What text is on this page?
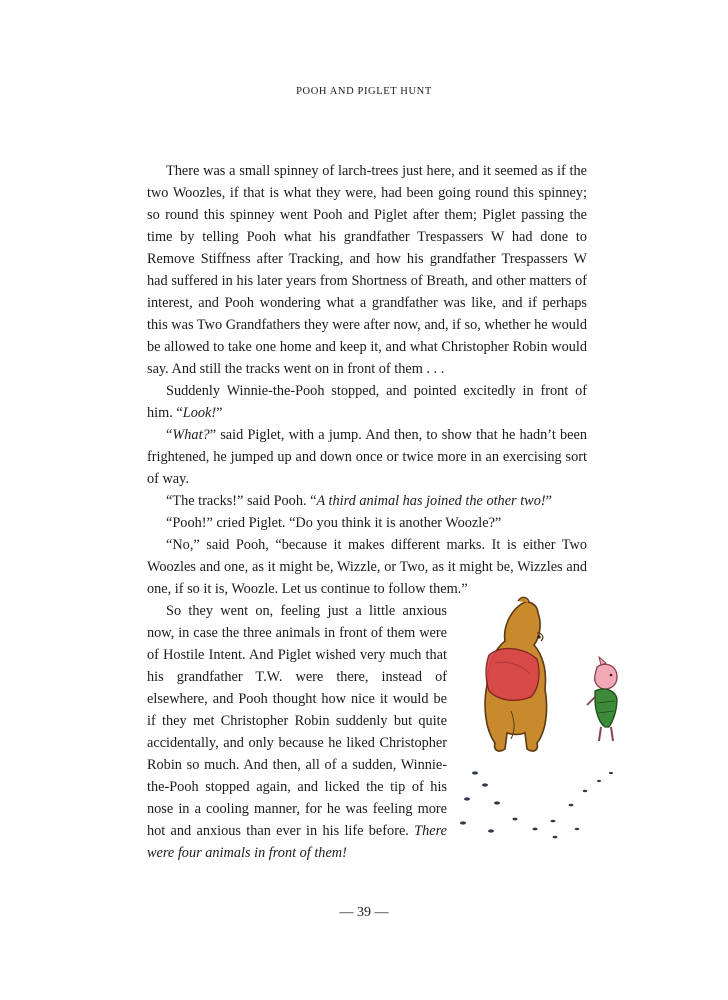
POOH AND PIGLET HUNT

There was a small spinney of larch-trees just here, and it seemed as if the two Woozles, if that is what they were, had been going round this spinney; so round this spinney went Pooh and Piglet after them; Piglet passing the time by telling Pooh what his grandfather Trespassers W had done to Remove Stiffness after Tracking, and how his grandfather Trespassers W had suffered in his later years from Shortness of Breath, and other matters of interest, and Pooh wondering what a grandfather was like, and if perhaps this was Two Grandfathers they were after now, and, if so, whether he would be allowed to take one home and keep it, and what Christopher Robin would say. And still the tracks went on in front of them . . .

Suddenly Winnie-the-Pooh stopped, and pointed excitedly in front of him. “Look!”

“What?” said Piglet, with a jump. And then, to show that he hadn’t been frightened, he jumped up and down once or twice more in an exercising sort of way.

“The tracks!” said Pooh. “A third animal has joined the other two!”

“Pooh!” cried Piglet. “Do you think it is another Woozle?”

“No,” said Pooh, “because it makes different marks. It is either Two Woozles and one, as it might be, Wizzle, or Two, as it might be, Wizzles and one, if so it is, Woozle. Let us continue to follow them.”

So they went on, feeling just a little anxious now, in case the three animals in front of them were of Hostile Intent. And Piglet wished very much that his grandfather T.W. were there, instead of elsewhere, and Pooh thought how nice it would be if they met Christopher Robin suddenly but quite accidentally, and only because he liked Christopher Robin so much. And then, all of a sudden, Winnie-the-Pooh stopped again, and licked the tip of his nose in a cooling manner, for he was feeling more hot and anxious than ever in his life before. There were four animals in front of them!

— 39 —
